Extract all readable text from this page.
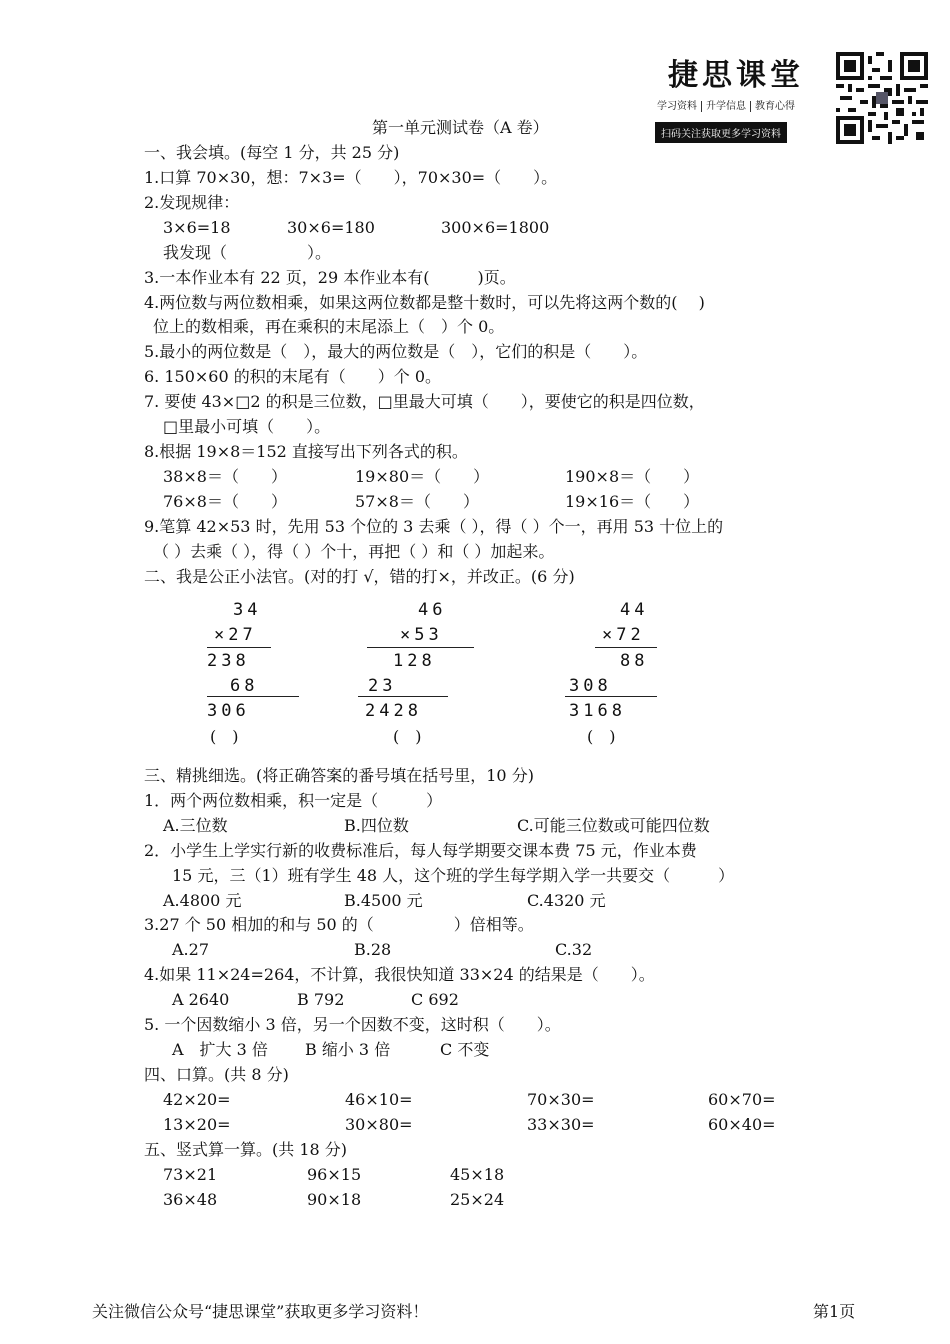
捷思课堂
学习资料 升学信息 教育心得
扫码关注获取更多学习资料
第一单元测试卷（A 卷）
一、我会填。(每空 1 分，共 25 分)
1.口算 70×30，想：7×3=（　　），70×30=（　　）。
2.发现规律：
3×6=18	30×6=180	300×6=1800
我发现（　　　　　）。
3.一本作业本有 22 页，29 本作业本有(　　　)页。
4.两位数与两位数相乘，如果这两位数都是整十数时，可以先将这两个数的(　 )
位上的数相乘，再在乘积的末尾添上（　）个 0。
5.最小的两位数是（　），最大的两位数是（　），它们的积是（　　）。
6. 150×60 的积的末尾有（　　）个 0。
7. 要使 43×□2 的积是三位数，□里最大可填（　　），要使它的积是四位数，
□里最小可填（　　）。
8.根据 19×8＝152 直接写出下列各式的积。
38×8＝（　　）	19×80＝（　　）	190×8＝（　　）
76×8＝（　　）	57×8＝（　　）	19×16＝（　　）
9.笔算 42×53 时，先用 53 个位的 3 去乘（ ），得（ ）个一，再用 53 十位上的
（ ）去乘（ ），得（ ）个十，再把（ ）和（ ）加起来。
二、我是公正小法官。(对的打 √，错的打×，并改正。(6 分)
34
×27
238
68
306
(　)
46
×53
128
23
2428
(　)
44
×72
88
308
3168
(　)
三、精挑细选。(将正确答案的番号填在括号里，10 分)
1．两个两位数相乘，积一定是（　　　）
A.三位数	B.四位数	C.可能三位数或可能四位数
2．小学生上学实行新的收费标准后，每人每学期要交课本费 75 元，作业本费
15 元，三（1）班有学生 48 人，这个班的学生每学期入学一共要交（　　　）
A.4800 元	B.4500 元	C.4320 元
3.27 个 50 相加的和与 50 的（　　　　　）倍相等。
A.27	B.28	C.32
4.如果 11×24=264，不计算，我很快知道 33×24 的结果是（　　）。
A 2640	B 792	C 692
5. 一个因数缩小 3 倍，另一个因数不变，这时积（　　）。
A　扩大 3 倍 B 缩小 3 倍	C 不变
四、口算。(共 8 分)
42×20=	46×10=	70×30=	60×70=
13×20=	30×80=	33×30=	60×40=
五、竖式算一算。(共 18 分)
73×21	96×15	45×18
36×48	90×18	25×24
关注微信公众号“捷思课堂”获取更多学习资料！	第1页
